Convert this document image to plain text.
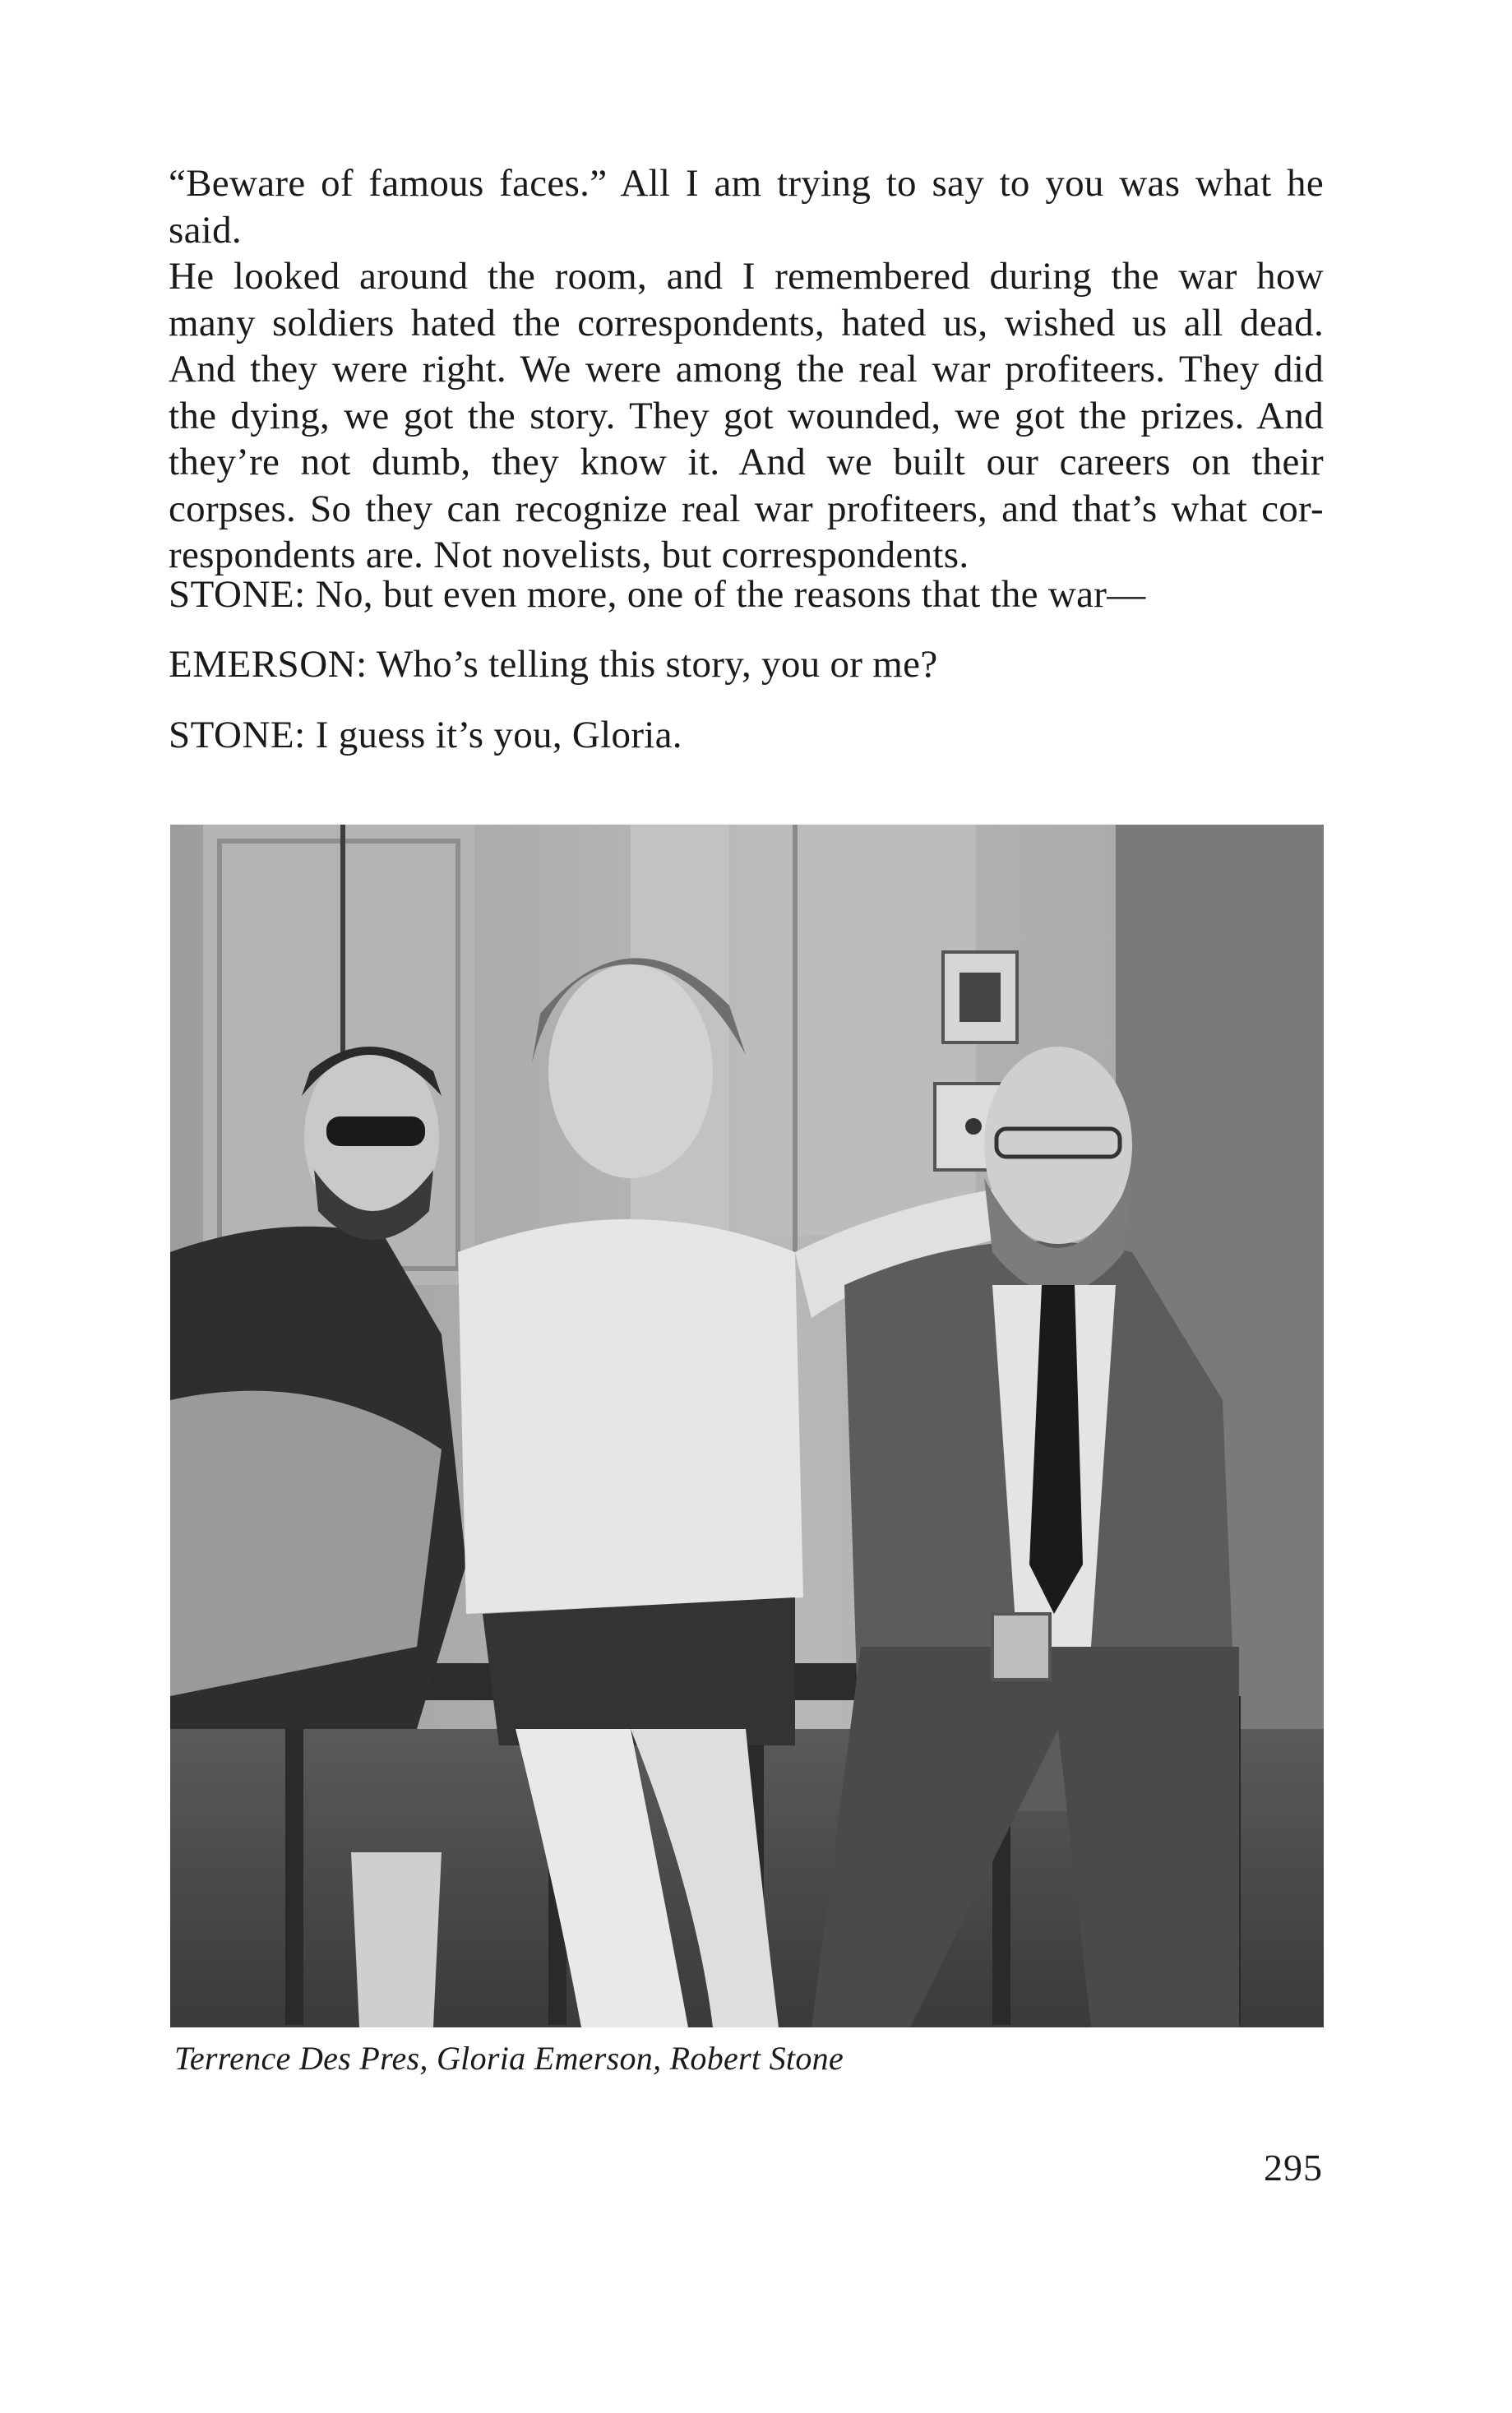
“Beware of famous faces.” All I am trying to say to you was what he said.
He looked around the room, and I remembered during the war how
many soldiers hated the correspondents, hated us, wished us all dead.
And they were right. We were among the real war profiteers. They did
the dying, we got the story. They got wounded, we got the prizes. And
they’re not dumb, they know it. And we built our careers on their
corpses. So they can recognize real war profiteers, and that’s what cor-
respondents are. Not novelists, but correspondents.

STONE: No, but even more, one of the reasons that the war—

EMERSON: Who’s telling this story, you or me?

STONE: I guess it’s you, Gloria.

Terrence Des Pres, Gloria Emerson, Robert Stone

295
